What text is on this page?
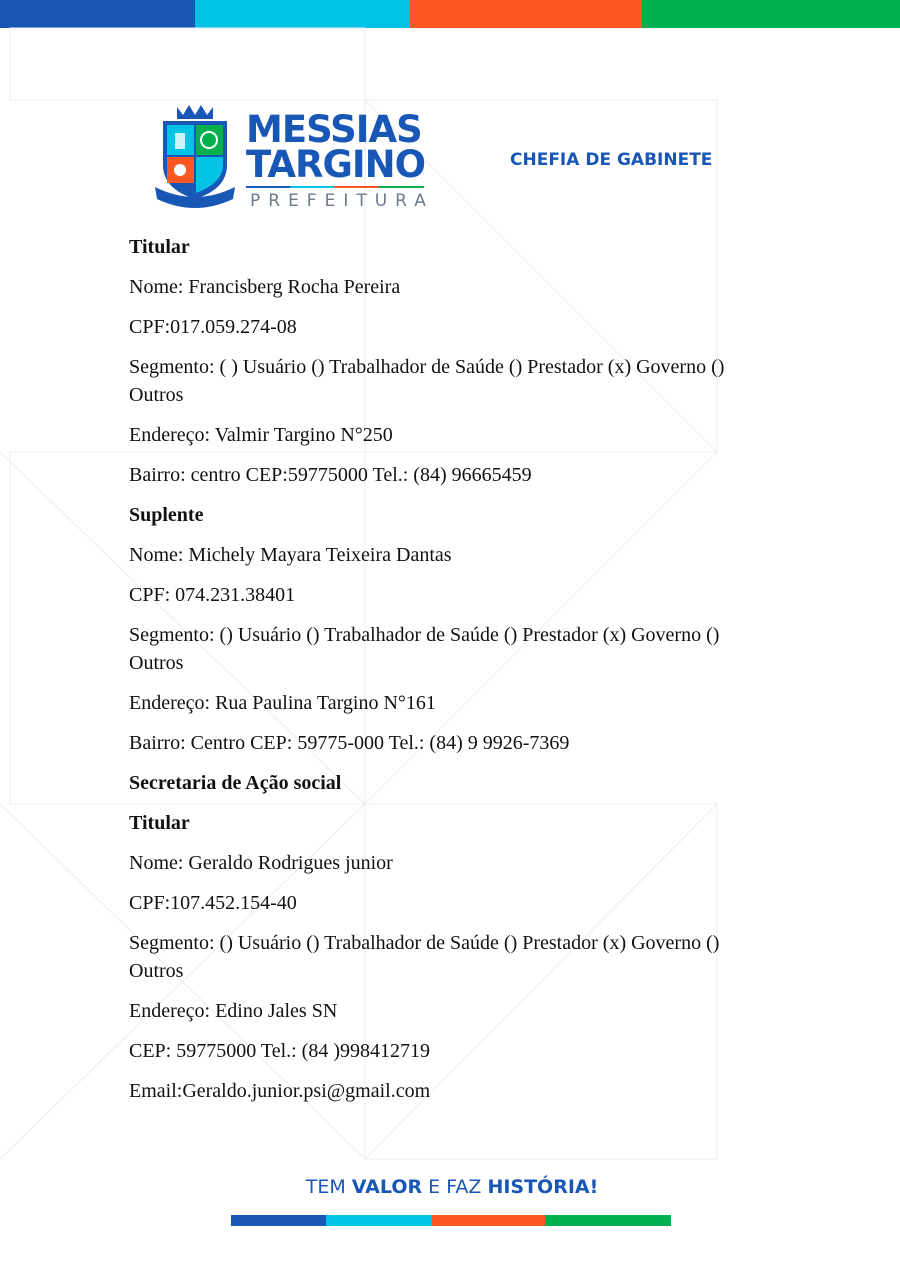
MESSIAS
TARGINO
PREFEITURA
CHEFIA DE GABINETE
Titular
Nome: Francisberg Rocha Pereira
CPF:017.059.274-08
Segmento: ( ) Usuário () Trabalhador de Saúde () Prestador (x) Governo () Outros
Endereço: Valmir Targino N°250
Bairro: centro CEP:59775000 Tel.: (84) 96665459
Suplente
Nome: Michely Mayara Teixeira Dantas
CPF: 074.231.38401
Segmento: () Usuário () Trabalhador de Saúde () Prestador (x) Governo () Outros
Endereço: Rua Paulina Targino N°161
Bairro: Centro CEP: 59775-000 Tel.: (84) 9 9926-7369
Secretaria de Ação social
Titular
Nome: Geraldo Rodrigues junior
CPF:107.452.154-40
Segmento: () Usuário () Trabalhador de Saúde () Prestador (x) Governo () Outros
Endereço: Edino Jales SN
CEP: 59775000 Tel.: (84 )998412719
Email:Geraldo.junior.psi@gmail.com
TEM VALOR E FAZ HISTÓRIA!
